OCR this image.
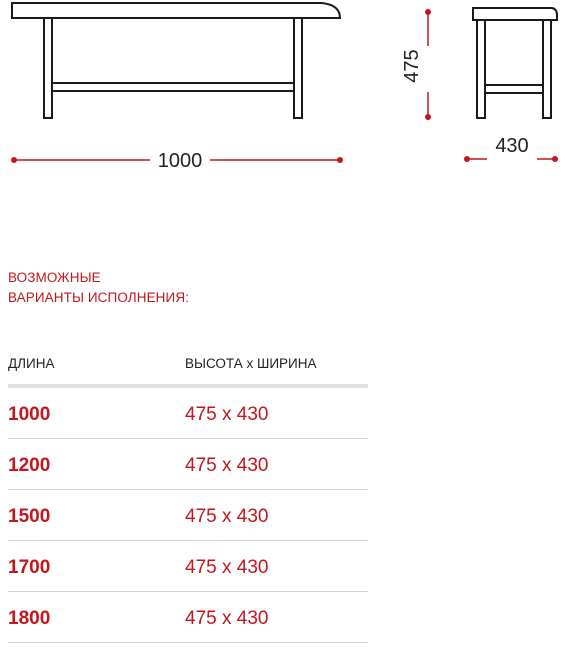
1000
475
430
ВОЗМОЖНЫЕ
ВАРИАНТЫ ИСПОЛНЕНИЯ:
ДЛИНА	ВЫСОТА x ШИРИНА
1000	475 x 430
1200	475 x 430
1500	475 x 430
1700	475 x 430
1800	475 x 430
